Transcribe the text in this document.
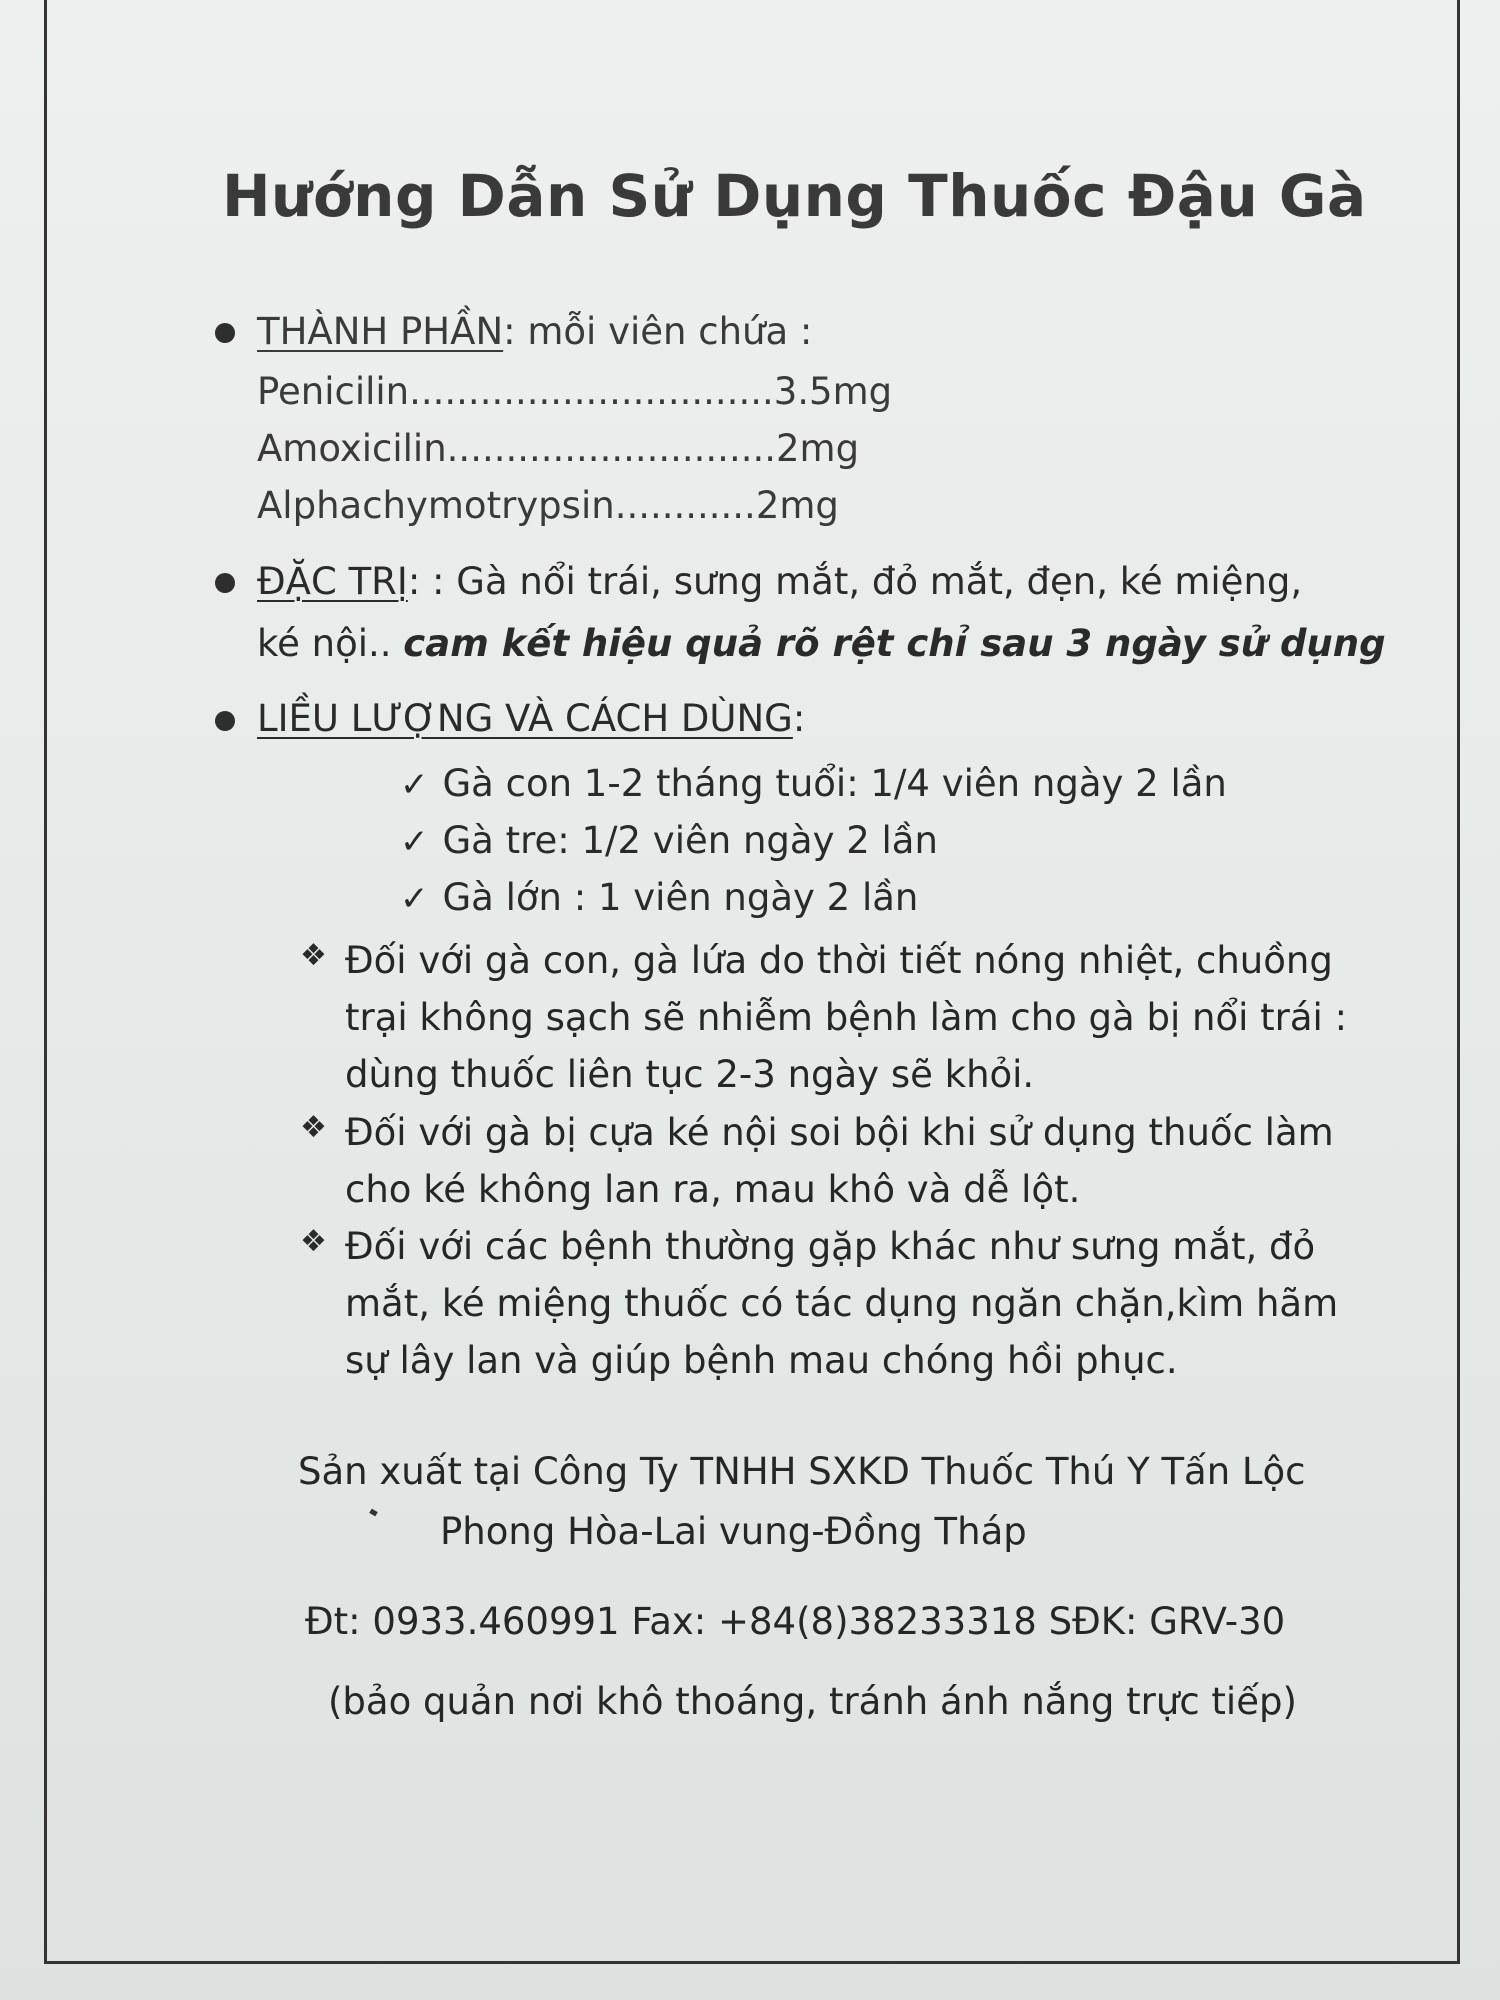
Hướng Dẫn Sử Dụng Thuốc Đậu Gà
THÀNH PHẦN: mỗi viên chứa :
Penicilin ............................... 3.5mg
Amoxicilin ............................ 2mg
Alphachymotrypsin ............ 2mg
ĐẶC TRỊ: : Gà nổi trái, sưng mắt, đỏ mắt, đẹn, ké miệng,
ké nội.. cam kết hiệu quả rõ rệt chỉ sau 3 ngày sử dụng
LIỀU LƯỢNG VÀ CÁCH DÙNG:
✓ Gà con 1-2 tháng tuổi: 1/4 viên ngày 2 lần
✓ Gà tre: 1/2 viên ngày 2 lần
✓ Gà lớn : 1 viên ngày 2 lần
❖ Đối với gà con, gà lứa do thời tiết nóng nhiệt, chuồng trại không sạch sẽ nhiễm bệnh làm cho gà bị nổi trái : dùng thuốc liên tục 2-3 ngày sẽ khỏi.
❖ Đối với gà bị cựa ké nội soi bội khi sử dụng thuốc làm cho ké không lan ra, mau khô và dễ lột.
❖ Đối với các bệnh thường gặp khác như sưng mắt, đỏ mắt, ké miệng thuốc có tác dụng ngăn chặn,kìm hãm sự lây lan và giúp bệnh mau chóng hồi phục.
Sản xuất tại Công Ty TNHH SXKD Thuốc Thú Y Tấn Lộc
Phong Hòa-Lai vung-Đồng Tháp
Đt: 0933.460991 Fax: +84(8)38233318 SĐK: GRV-30
(bảo quản nơi khô thoáng, tránh ánh nắng trực tiếp)
